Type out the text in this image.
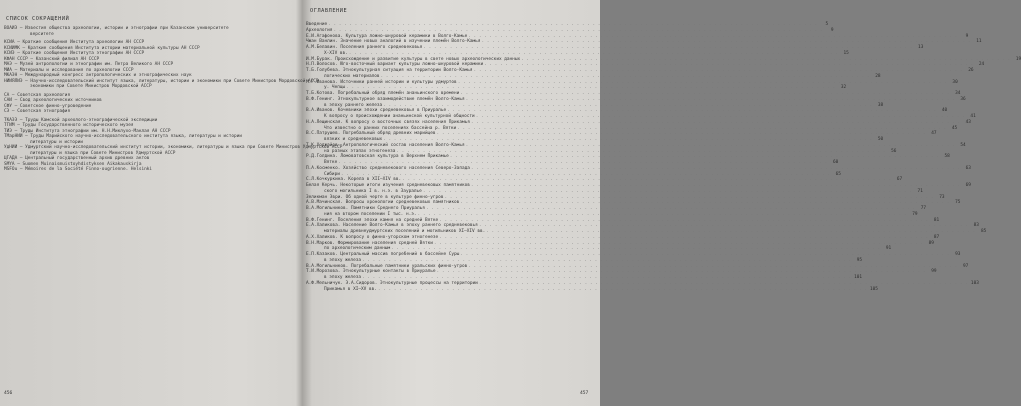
СПИСОК СОКРАЩЕНИЙ
ВОАИЭ – Известия общества археологии, истории и этнографии при Казанском университете
верситете
КСИА – Краткие сообщения Института археологии АН СССР
КСИИМК – Краткие сообщения Института истории материальной культуры АН СССР
КСИЭ – Краткие сообщения Института этнографии АН СССР
КФАН СССР – Казанский филиал АН СССР
МАЭ – Музей антропологии и этнографии им. Петра Великого АН СССР
МИА – Материалы и исследования по археологии СССР
МКАЭН – Международный конгресс антропологических и этнографических наук
НИИЯЛИЭ – Научно-исследовательский институт языка, литературы, истории и экономики при Совете Министров Мордовской АССР
экономики при Совете Министров Мордовской АССР
СА – Советская археология
САИ – Свод археологических источников
СФУ – Советское финно-угроведение
СЭ – Советская этнография
ТКАЭЭ – Труды Камской археолого-этнографической экспедиции
ТГИМ – Труды Государственного исторического музея
ТИЭ – Труды Института этнографии им. Н.Н.Миклухо-Маклая АН СССР
ТМарНИИ – Труды Марийского научно-исследовательского института языка, литературы и истории
литературы и истории
УдНИИ – Удмуртский научно-исследовательский институт истории, экономики, литературы и языка при Совете Министров Удмуртской АССР
литературы и языка при Совете Министров Удмуртской АССР
ЦГАДА – Центральный государственный архив древних актов
SMYA – Suomen Muinaismuistoyhdistyksen Aikakauskirja
MSFOu – Mémoires de la Société Finno-ougrienne. Helsinki
456
ОГЛАВЛЕНИЕ
Введение . . .	5
Археология . . .	9
Е.И.Агафонова. Культура ложно-шнуровой керамики в Волго-Камье . . .	9
Чжан Ванлин. Значение новых аналогий в изучении племён Волго-Камья . . .	11
А.М.Белавин. Поселения раннего средневековья . . .	13
Х-ХIV вв. . . .	15
И.М.Бурак. Происхождение и развитие культуры в свете новых археологических данных . . .	19
Н.П.Волосов. Юго-восточный вариант культуры ложно-шнуровой керамики . . .	24
Т.Б.Голубева. Этнокультурная ситуация на территории Волго-Камья . . .	26
логических материалов . . .	28
М.Г.Иванова. Источники ранней истории и культуры удмуртов . . .	30
у. Чепцы . . .	32
Т.Б.Котова. Погребальный обряд племён ананьинского времени . . .	34
В.Ф.Генинг. Этнокультурное взаимодействие племён Волго-Камья . . .	36
в эпоху раннего железа . . .	38
В.А.Иванов. Кочевники эпохи средневековья в Приуралье . . .	40
К вопросу о происхождении ананьинской культурной общности . . .	41
Н.А.Лещинская. К вопросу о восточных связях населения Прикамья . . .	43
Что известно о ранних поселениях бассейна р. Вятки . . .	45
В.С.Патрушев. Погребальный обряд древних марийцев . . .	47
вязких и средневековых . . .	50
Т.К.Ходжайов. Антропологический состав населения Волго-Камья . . .	54
на разных этапах этногенеза . . .	56
Р.Д.Голдина. Ломоватовская культура в Верхнем Прикамье . . .	58
Вятке . . .	60
П.А.Косменко. Хозяйство средневекового населения Северо-Запада . . .	63
Сибири . . .	65
С.Л.Кочкуркина. Корела в XII–XIV вв. . . .	67
Белая Керчь. Некоторые итоги изучения средневековых памятников . . .	69
ского могильника I в. н.э. в Зауралье . . .	71
Зеликман Эври. Об одной черте в культуре финно-угров . . .	73
А.В.Мачинская. Вопросы хронологии средневековых памятников . . .	75
В.А.Могильников. Памятники Среднего Приуралья . . .	77
ния на втором поселении I тыс. н.э. . . .	79
В.Ф.Генинг. Поселения эпохи камня на средней Вятке . . .	81
Е.А.Халикова. Население Волго-Камья в эпоху раннего средневековья . . .	83
материалы древнеудмуртских поселений и могильников XI–XIV вв. . . .	85
А.Х.Халиков. К вопросу о финно-угорском этногенезе . . .	87
В.Н.Марков. Формирование населения средней Вятки . . .	89
по археологическим данным . . .	91
Е.П.Казаков. Центральный массив погребений в бассейне Суры . . .	93
в эпоху железа . . .	95
В.А.Могильников. Погребальные памятники уральских финно-угров . . .	97
Т.И.Морозова. Этнокультурные контакты в Приуралье . . .	99
в эпоху железа . . .	101
А.Ф.Мельничук. Э.А.Сидоров. Этнокультурные процессы на территории . . .	103
Прикамья в XI–XV вв. . . .	105
457
